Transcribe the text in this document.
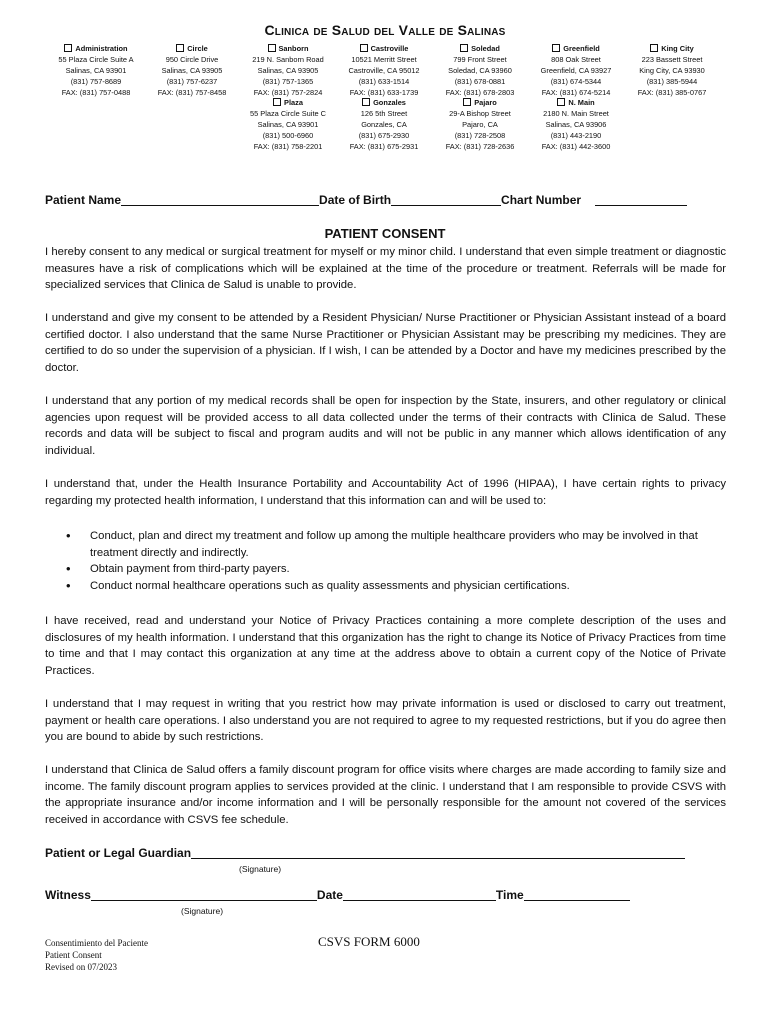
Clinica de Salud del Valle de Salinas
Administration
55 Plaza Circle Suite A
Salinas, CA 93901
(831) 757-8689
FAX: (831) 757-0488
Circle
950 Circle Drive
Salinas, CA 93905
(831) 757-6237
FAX: (831) 757-8458
Sanborn
219 N. Sanborn Road
Salinas, CA 93905
(831) 757-1365
FAX: (831) 757-2824
Castroville
10521 Merritt Street
Castroville, CA 95012
(831) 633-1514
FAX: (831) 633-1739
Soledad
799 Front Street
Soledad, CA 93960
(831) 678-0881
FAX: (831) 678-2803
Greenfield
808 Oak Street
Greenfield, CA 93927
(831) 674-5344
FAX: (831) 674-5214
King City
223 Bassett Street
King City, CA 93930
(831) 385-5944
FAX: (831) 385-0767
Plaza
55 Plaza Circle Suite C
Salinas, CA 93901
(831) 500-6960
FAX: (831) 758-2201
Gonzales
126 5th Street
Gonzales, CA
(831) 675-2930
FAX: (831) 675-2931
Pajaro
29-A Bishop Street
Pajaro, CA
(831) 728-2508
FAX: (831) 728-2636
N. Main
2180 N. Main Street
Salinas, CA 93906
(831) 443-2190
FAX: (831) 442-3600
Patient Name	Date of Birth	Chart Number
PATIENT CONSENT
I hereby consent to any medical or surgical treatment for myself or my minor child. I understand that even simple treatment or diagnostic measures have a risk of complications which will be explained at the time of the procedure or treatment. Referrals will be made for specialized services that Clinica de Salud is unable to provide.
I understand and give my consent to be attended by a Resident Physician/ Nurse Practitioner or Physician Assistant instead of a board certified doctor. I also understand that the same Nurse Practitioner or Physician Assistant may be prescribing my medicines. They are certified to do so under the supervision of a physician. If I wish, I can be attended by a Doctor and have my medicines prescribed by the doctor.
I understand that any portion of my medical records shall be open for inspection by the State, insurers, and other regulatory or clinical agencies upon request will be provided access to all data collected under the terms of their contracts with Clinica de Salud. These records and data will be subject to fiscal and program audits and will not be public in any manner which allows identification of any individual.
I understand that, under the Health Insurance Portability and Accountability Act of 1996 (HIPAA), I have certain rights to privacy regarding my protected health information, I understand that this information can and will be used to:
• Conduct, plan and direct my treatment and follow up among the multiple healthcare providers who may be involved in that treatment directly and indirectly.
• Obtain payment from third-party payers.
• Conduct normal healthcare operations such as quality assessments and physician certifications.
I have received, read and understand your Notice of Privacy Practices containing a more complete description of the uses and disclosures of my health information. I understand that this organization has the right to change its Notice of Privacy Practices from time to time and that I may contact this organization at any time at the address above to obtain a current copy of the Notice of Private Practices.
I understand that I may request in writing that you restrict how may private information is used or disclosed to carry out treatment, payment or health care operations. I also understand you are not required to agree to my requested restrictions, but if you do agree then you are bound to abide by such restrictions.
I understand that Clinica de Salud offers a family discount program for office visits where charges are made according to family size and income. The family discount program applies to services provided at the clinic. I understand that I am responsible to provide CSVS with the appropriate insurance and/or income information and I will be personally responsible for the amount not covered of the services received in accordance with CSVS fee schedule.
Patient or Legal Guardian
(Signature)
Witness	Date	Time
(Signature)
Consentimiento del Paciente
Patient Consent
Revised on 07/2023
CSVS FORM 6000
